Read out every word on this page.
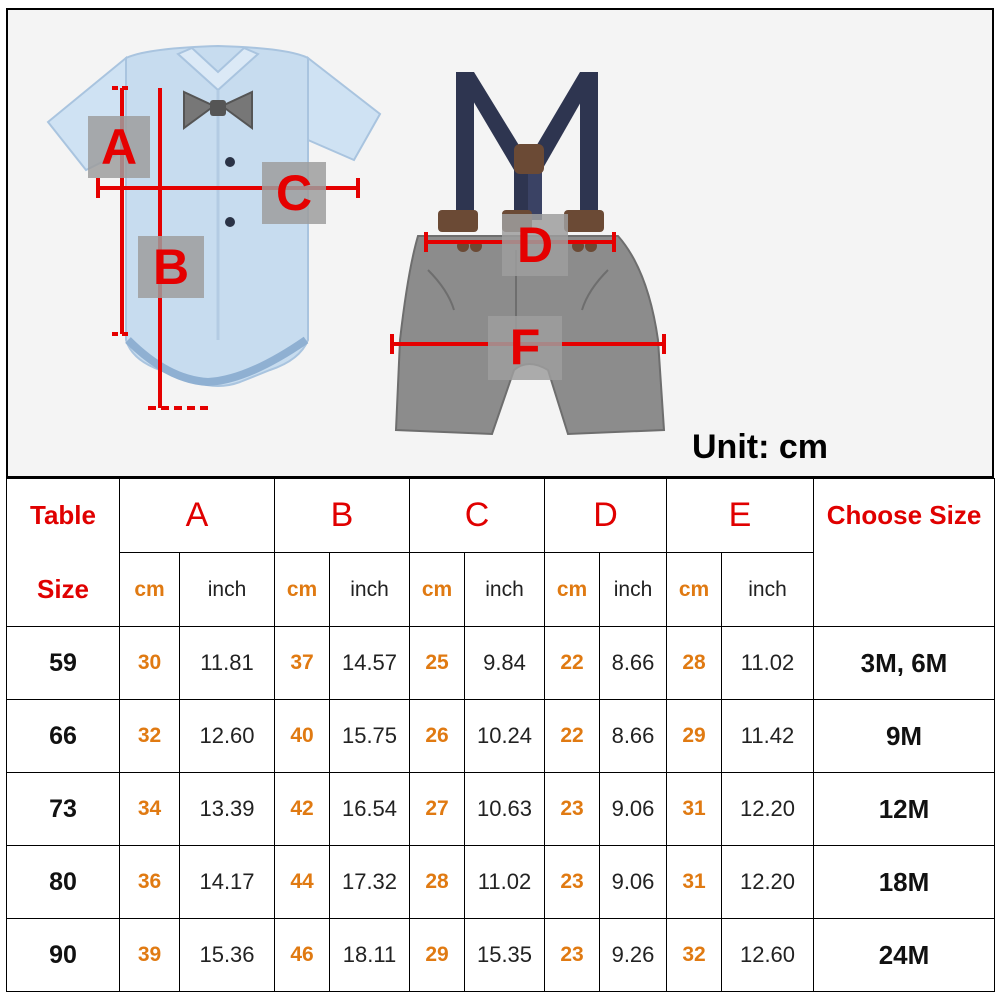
A
B
C
D
F
Unit: cm
Table	A		B		C		D		E		Choose Size
Size	cm	inch	cm	inch	cm	inch	cm	inch	cm	inch	
59	30	11.81	37	14.57	25	9.84	22	8.66	28	11.02	3M, 6M
66	32	12.60	40	15.75	26	10.24	22	8.66	29	11.42	9M
73	34	13.39	42	16.54	27	10.63	23	9.06	31	12.20	12M
80	36	14.17	44	17.32	28	11.02	23	9.06	31	12.20	18M
90	39	15.36	46	18.11	29	15.35	23	9.26	32	12.60	24M
